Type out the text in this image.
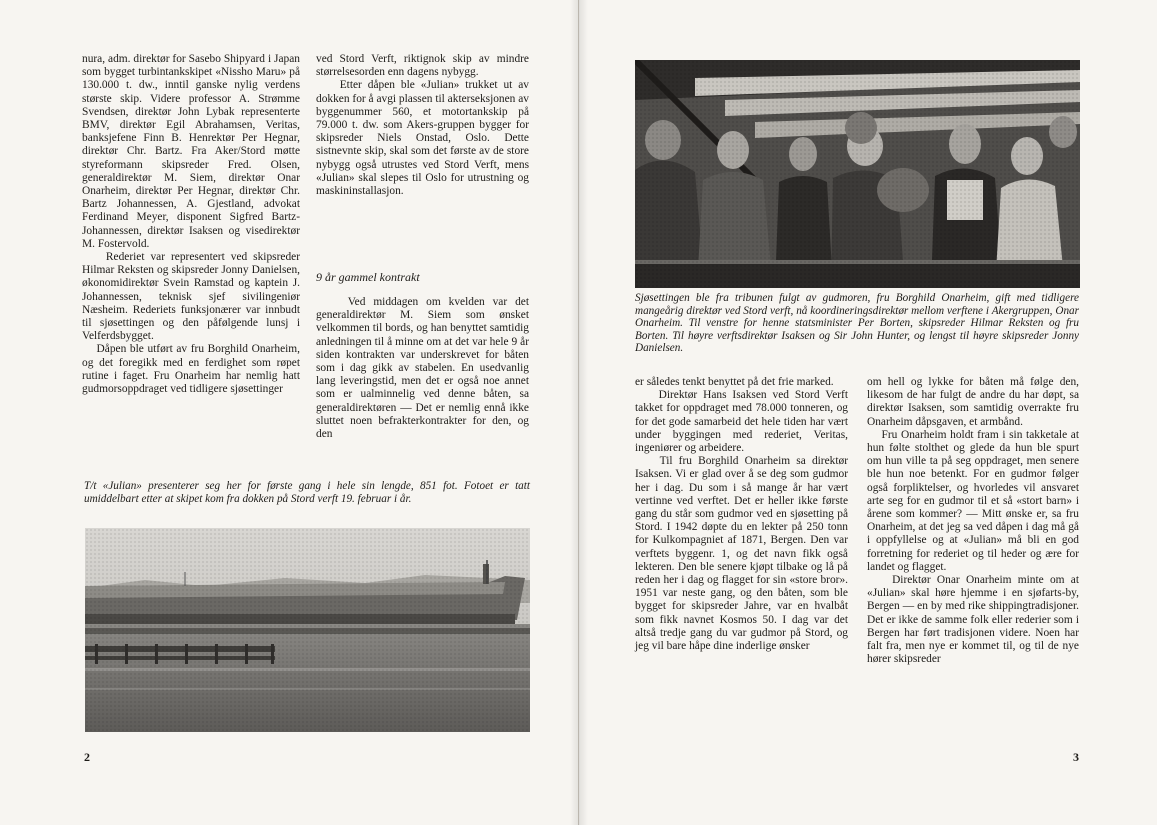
nura, adm. direktør for Sasebo Shipyard i Japan som bygget turbintankskipet «Nissho Maru» på 130.000 t. dw., inntil ganske nylig verdens største skip. Videre professor A. Strømme Svendsen, direktør John Lybak representerte BMV, direktør Egil Abrahamsen, Veritas, banksjefene Finn B. Henrektør Per Hegnar, direktør Chr. Bartz. Fra Aker/Stord møtte styreformann skipsreder Fred. Olsen, generaldirektør M. Siem, direktør Onar Onarheim, direktør Per Hegnar, direktør Chr. Bartz Johannessen, A. Gjestland, advokat Ferdinand Meyer, disponent Sigfred Bartz-Johannessen, direktør Isaksen og visedirektør M. Fostervold.
Rederiet var representert ved skipsreder Hilmar Reksten og skipsreder Jonny Danielsen, økonomidirektør Svein Ramstad og kaptein J. Johannessen, teknisk sjef sivilingeniør Næsheim. Rederiets funksjonærer var innbudt til sjøsettingen og den påfølgende lunsj i Velferdsbygget.
Dåpen ble utført av fru Borghild Onarheim, og det foregikk med en ferdighet som røpet rutine i faget. Fru Onarheim har nemlig hatt gudmorsoppdraget ved tidligere sjøsettinger
ved Stord Verft, riktignok skip av mindre størrelsesorden enn dagens nybygg.
Etter dåpen ble «Julian» trukket ut av dokken for å avgi plassen til akterseksjonen av byggenummer 560, et motortankskip på 79.000 t. dw. som Akers-gruppen bygger for skipsreder Niels Onstad, Oslo. Dette sistnevnte skip, skal som det første av de store nybygg også utrustes ved Stord Verft, mens «Julian» skal slepes til Oslo for utrustning og maskininstallasjon.
9 år gammel kontrakt
Ved middagen om kvelden var det generaldirektør M. Siem som ønsket velkommen til bords, og han benyttet samtidig anledningen til å minne om at det var hele 9 år siden kontrakten var underskrevet for båten som i dag gikk av stabelen. En usedvanlig lang leveringstid, men det er også noe annet som er ualminnelig ved denne båten, sa generaldirektøren — Det er nemlig ennå ikke sluttet noen befrakterkontrakter for den, og den
T/t «Julian» presenterer seg her for første gang i hele sin lengde, 851 fot. Fotoet er tatt umiddelbart etter at skipet kom fra dokken på Stord verft 19. februar i år.
2
Sjøsettingen ble fra tribunen fulgt av gudmoren, fru Borghild Onarheim, gift med tidligere mangeårig direktør ved Stord verft, nå koordineringsdirektør mellom verftene i Akergruppen, Onar Onarheim. Til venstre for henne statsminister Per Borten, skipsreder Hilmar Reksten og fru Borten. Til høyre verftsdirektør Isaksen og Sir John Hunter, og lengst til høyre skipsreder Jonny Danielsen.
er således tenkt benyttet på det frie marked.
Direktør Hans Isaksen ved Stord Verft takket for oppdraget med 78.000 tonneren, og for det gode samarbeid det hele tiden har vært under byggingen med rederiet, Veritas, ingeniører og arbeidere.
Til fru Borghild Onarheim sa direktør Isaksen. Vi er glad over å se deg som gudmor her i dag. Du som i så mange år har vært vertinne ved verftet. Det er heller ikke første gang du står som gudmor ved en sjøsetting på Stord. I 1942 døpte du en lekter på 250 tonn for Kulkompagniet af 1871, Bergen. Den var verftets byggenr. 1, og det navn fikk også lekteren. Den ble senere kjøpt tilbake og lå på reden her i dag og flagget for sin «store bror». 1951 var neste gang, og den båten, som ble bygget for skipsreder Jahre, var en hvalbåt som fikk navnet Kosmos 50. I dag var det altså tredje gang du var gudmor på Stord, og jeg vil bare håpe dine inderlige ønsker
om hell og lykke for båten må følge den, likesom de har fulgt de andre du har døpt, sa direktør Isaksen, som samtidig overrakte fru Onarheim dåpsgaven, et armbånd.
Fru Onarheim holdt fram i sin takketale at hun følte stolthet og glede da hun ble spurt om hun ville ta på seg oppdraget, men senere ble hun noe betenkt. For en gudmor følger også forpliktelser, og hvorledes vil ansvaret arte seg for en gudmor til et så «stort barn» i årene som kommer? — Mitt ønske er, sa fru Onarheim, at det jeg sa ved dåpen i dag må gå i oppfyllelse og at «Julian» må bli en god forretning for rederiet og til heder og ære for landet og flagget.
Direktør Onar Onarheim minte om at «Julian» skal høre hjemme i en sjøfarts-by, Bergen — en by med rike shippingtradisjoner. Det er ikke de samme folk eller rederier som i Bergen har ført tradisjonen videre. Noen har falt fra, men nye er kommet til, og til de nye hører skipsreder
3
